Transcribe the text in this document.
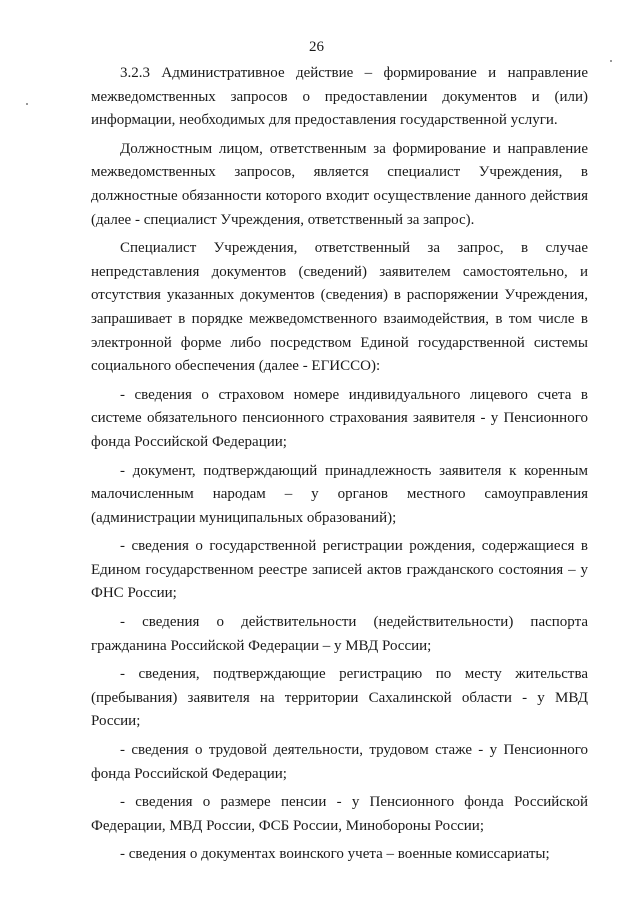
26

3.2.3 Административное действие – формирование и направление межведомственных запросов о предоставлении документов и (или) информации, необходимых для предоставления государственной услуги.

Должностным лицом, ответственным за формирование и направление межведомственных запросов, является специалист Учреждения, в должностные обязанности которого входит осуществление данного действия (далее - специалист Учреждения, ответственный за запрос).

Специалист Учреждения, ответственный за запрос, в случае непредставления документов (сведений) заявителем самостоятельно, и отсутствия указанных документов (сведения) в распоряжении Учреждения, запрашивает в порядке межведомственного взаимодействия, в том числе в электронной форме либо посредством Единой государственной системы социального обеспечения (далее - ЕГИССО):

- сведения о страховом номере индивидуального лицевого счета в системе обязательного пенсионного страхования заявителя - у Пенсионного фонда Российской Федерации;

- документ, подтверждающий принадлежность заявителя к коренным малочисленным народам – у органов местного самоуправления (администрации муниципальных образований);

- сведения о государственной регистрации рождения, содержащиеся в Едином государственном реестре записей актов гражданского состояния – у ФНС России;

- сведения о действительности (недействительности) паспорта гражданина Российской Федерации – у МВД России;

- сведения, подтверждающие регистрацию по месту жительства (пребывания) заявителя на территории Сахалинской области - у МВД России;

- сведения о трудовой деятельности, трудовом стаже - у Пенсионного фонда Российской Федерации;

- сведения о размере пенсии - у Пенсионного фонда Российской Федерации, МВД России, ФСБ России, Минобороны России;

- сведения о документах воинского учета – военные комиссариаты;
